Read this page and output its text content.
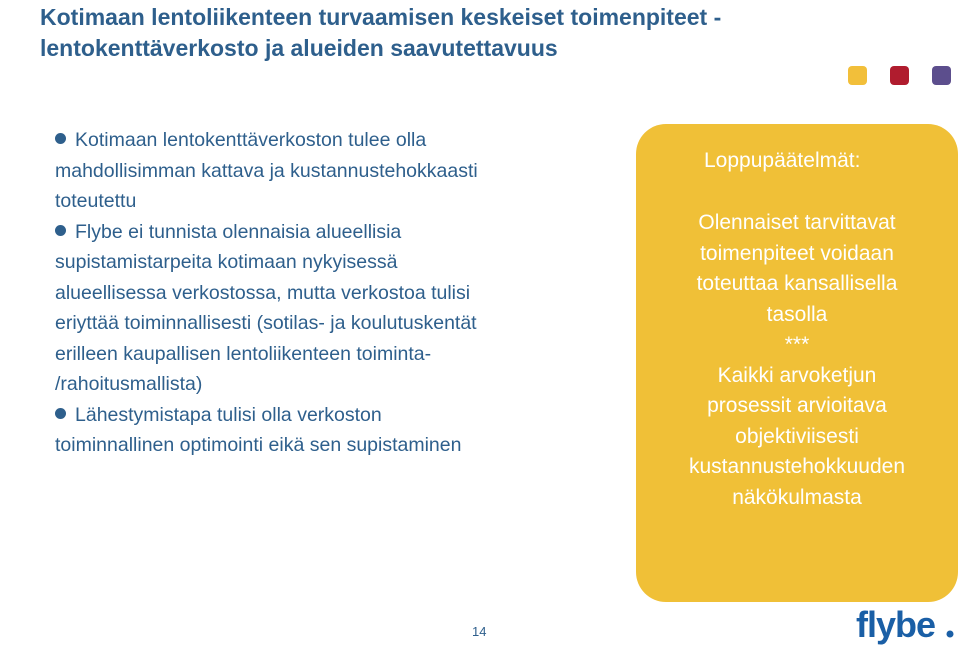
Kotimaan lentoliikenteen turvaamisen keskeiset toimenpiteet -
lentokenttäverkosto ja alueiden saavutettavuus
Kotimaan lentokenttäverkoston tulee olla
mahdollisimman kattava ja kustannustehokkaasti
toteutettu
Flybe ei tunnista olennaisia alueellisia
supistamistarpeita kotimaan nykyisessä
alueellisessa verkostossa, mutta verkostoa tulisi
eriyttää toiminnallisesti (sotilas- ja koulutuskentät
erilleen kaupallisen lentoliikenteen toiminta-
/rahoitusmallista)
Lähestymistapa tulisi olla verkoston
toiminnallinen optimointi eikä sen supistaminen
Loppupäätelmät:
Olennaiset tarvittavat
toimenpiteet voidaan
toteuttaa kansallisella
tasolla
***
Kaikki arvoketjun
prosessit arvioitava
objektiviisesti
kustannustehokkuuden
näkökulmasta
14	flybe
